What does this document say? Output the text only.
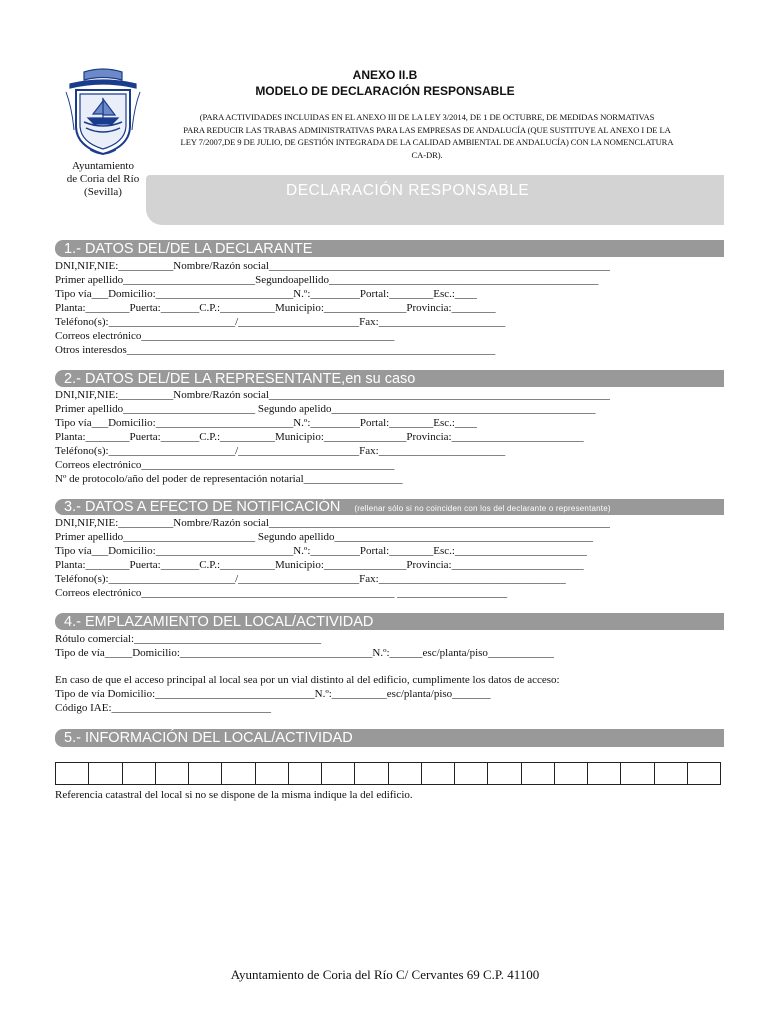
Ayuntamiento
de Coria del Río
(Sevilla)
ANEXO II.B
MODELO DE DECLARACIÓN RESPONSABLE
(PARA ACTIVIDADES INCLUIDAS EN EL ANEXO III DE LA LEY 3/2014, DE 1 DE OCTUBRE, DE MEDIDAS NORMATIVAS
PARA REDUCIR LAS TRABAS ADMINISTRATIVAS PARA LAS EMPRESAS DE ANDALUCÍA (QUE SUSTITUYE AL ANEXO I DE LA
LEY 7/2007,DE 9 DE JULIO, DE GESTIÓN INTEGRADA DE LA CALIDAD AMBIENTAL DE ANDALUCÍA) CON LA NOMENCLATURA
CA-DR).
DECLARACIÓN RESPONSABLE
1.- DATOS DEL/DE LA DECLARANTE
DNI,NIF,NIE:__________Nombre/Razón social______________________________________________________________
Primer apellido________________________Segundoapellido_________________________________________________
Tipo vía___Domicilio:_________________________N.º:_________Portal:________Esc.:____
Planta:________Puerta:_______C.P.:__________Municipio:_______________Provincia:________
Teléfono(s):_______________________/______________________Fax:_______________________
Correos electrónico______________________________________________
Otros interesdos___________________________________________________________________
2.- DATOS DEL/DE LA REPRESENTANTE,en su caso
DNI,NIF,NIE:__________Nombre/Razón social______________________________________________________________
Primer apellido________________________ Segundo apelido________________________________________________
Tipo vía___Domicilio:_________________________N.º:_________Portal:________Esc.:____
Planta:________Puerta:_______C.P.:__________Municipio:_______________Provincia:________________________
Teléfono(s):_______________________/______________________Fax:_______________________
Correos electrónico______________________________________________
Nº de protocolo/año del poder de representación notarial__________________
3.- DATOS A EFECTO DE NOTIFICACIÓN (rellenar sólo si no coinciden con los del declarante o representante)
DNI,NIF,NIE:__________Nombre/Razón social______________________________________________________________
Primer apellido________________________ Segundo apellido_______________________________________________
Tipo vía___Domicilio:_________________________N.º:_________Portal:________Esc.:________________________
Planta:________Puerta:_______C.P.:__________Municipio:_______________Provincia:________________________
Teléfono(s):_______________________/______________________Fax:__________________________________
Correos electrónico______________________________________________ ____________________
4.- EMPLAZAMIENTO DEL LOCAL/ACTIVIDAD
Rótulo comercial:__________________________________
Tipo de vía_____Domicilio:___________________________________N.º:______esc/planta/piso____________
En caso de que el acceso principal al local sea por un vial distinto al del edificio, cumplimente los datos de acceso:
Tipo de vía Domicilio:_____________________________N.º:__________esc/planta/piso_______
Código IAE:_____________________________
5.- INFORMACIÓN DEL LOCAL/ACTIVIDAD
Referencia catastral del local si no se dispone de la misma indique la del edificio.
Ayuntamiento de Coria del Río C/ Cervantes 69 C.P. 41100
